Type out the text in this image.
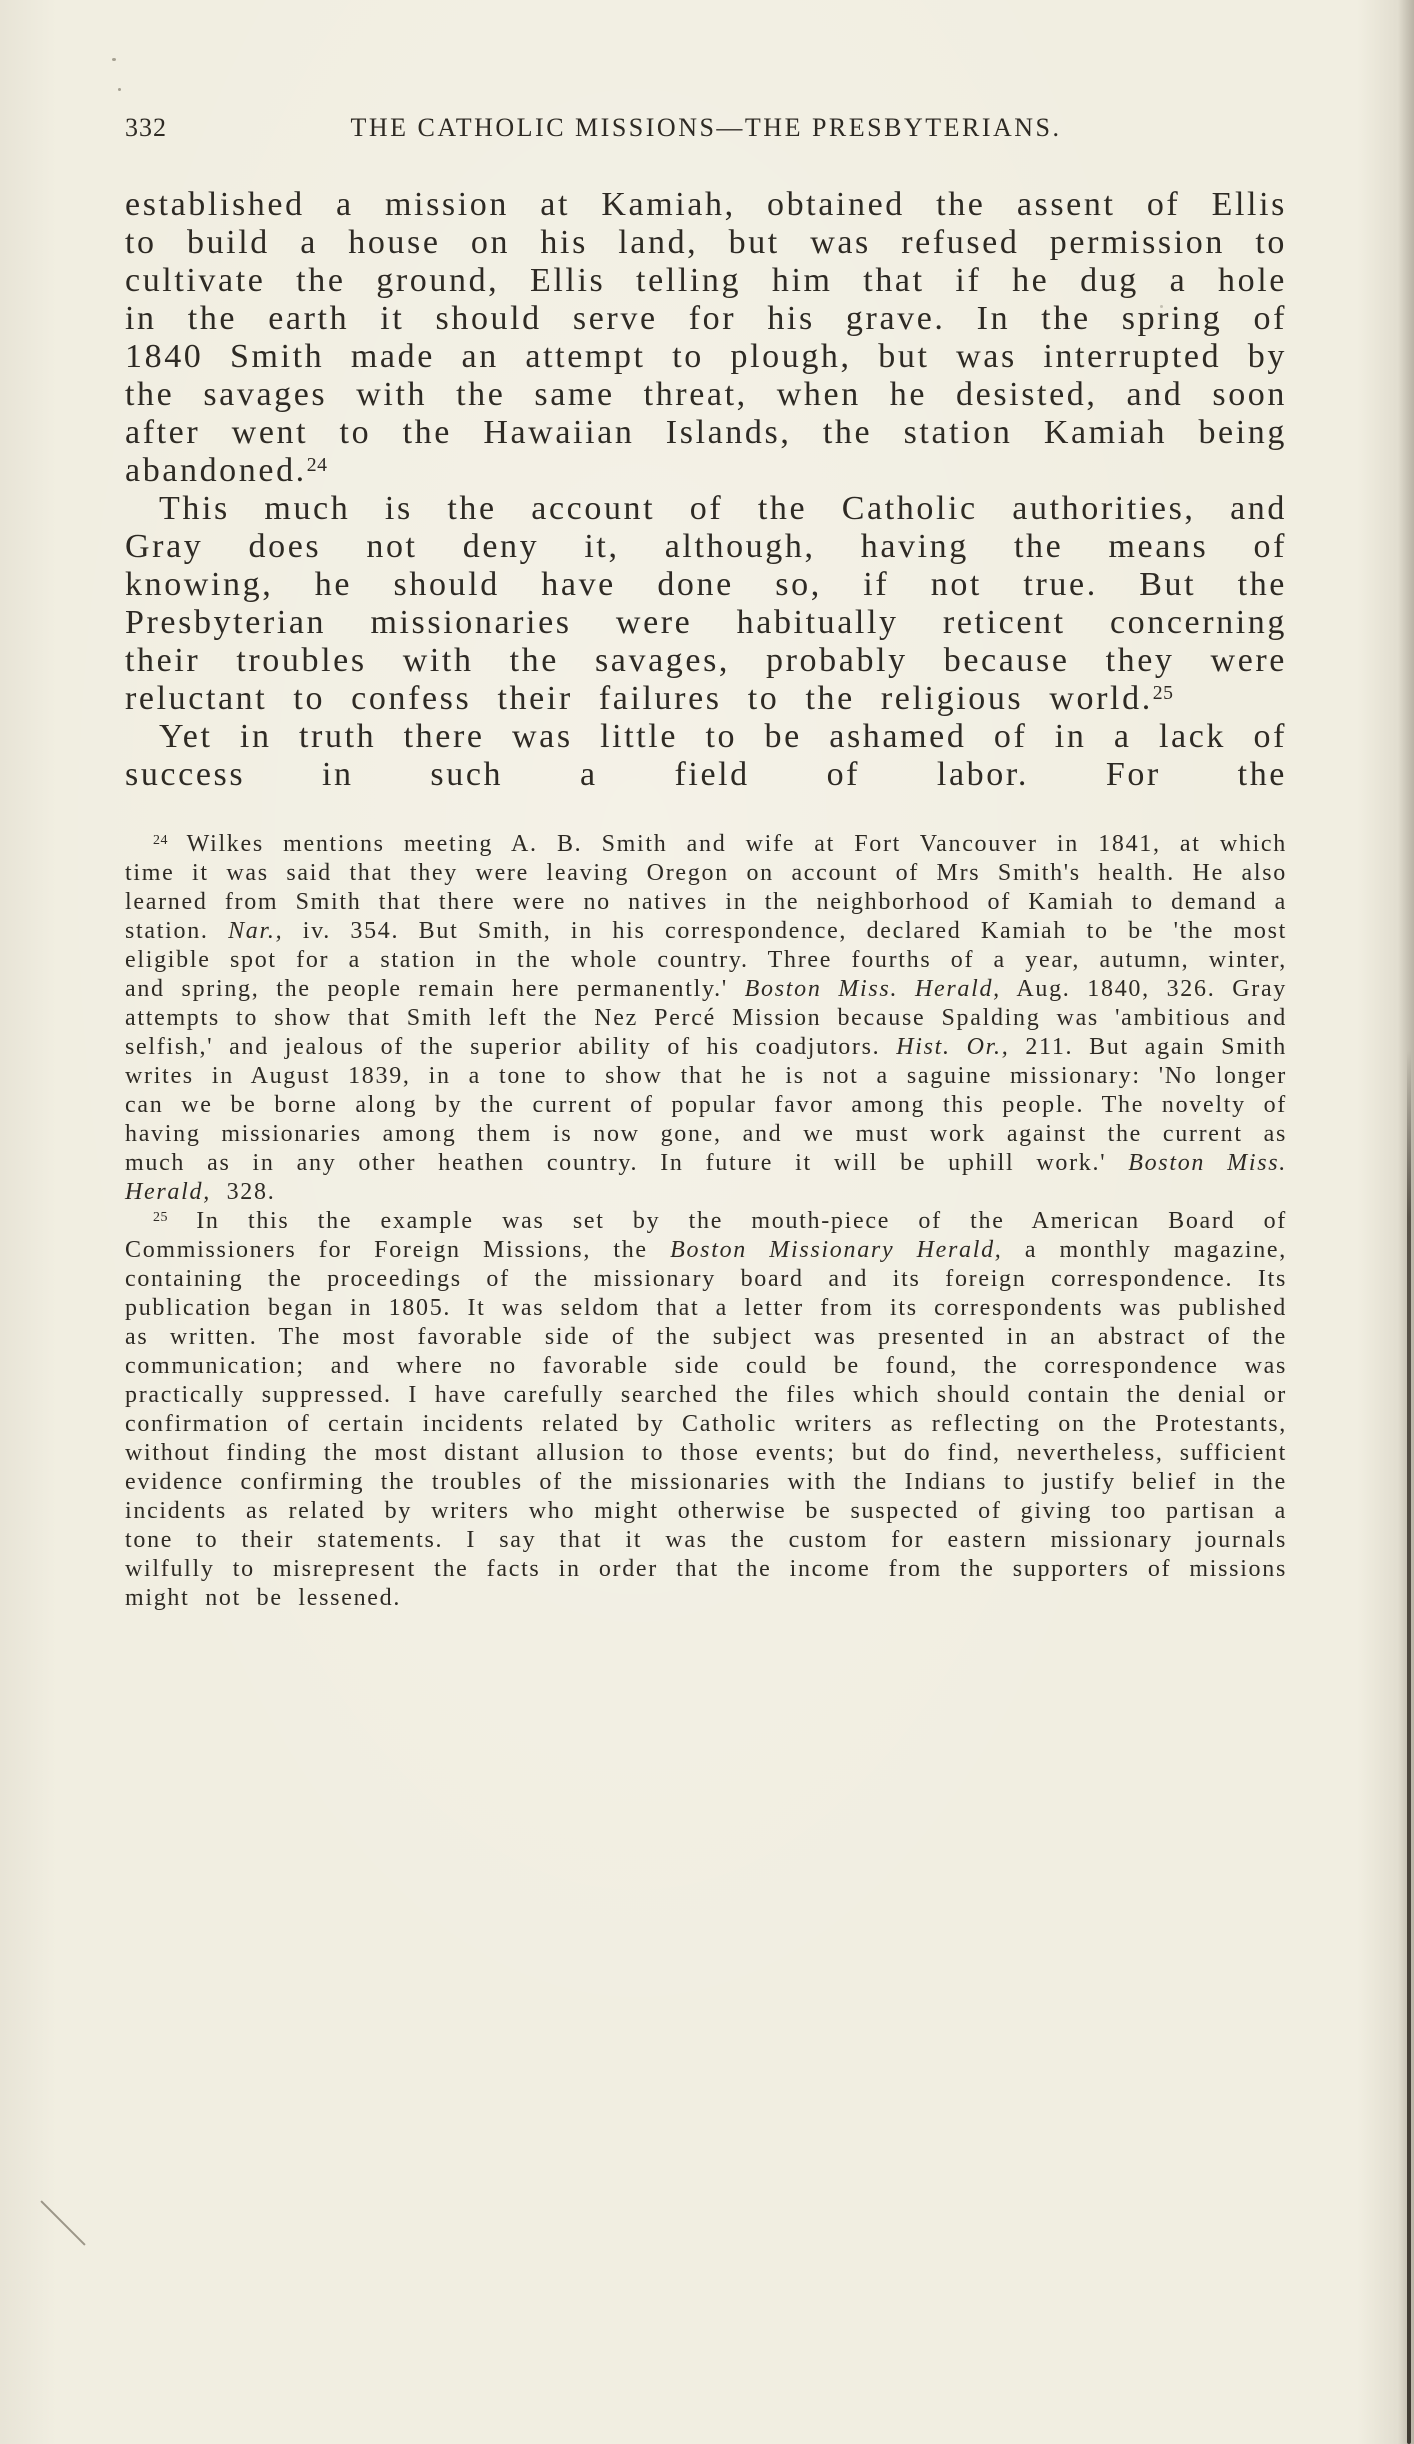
332	THE CATHOLIC MISSIONS—THE PRESBYTERIANS.

established a mission at Kamiah, obtained the assent of Ellis to build a house on his land, but was refused permission to cultivate the ground, Ellis telling him that if he dug a hole in the earth it should serve for his grave. In the spring of 1840 Smith made an attempt to plough, but was interrupted by the savages with the same threat, when he desisted, and soon after went to the Hawaiian Islands, the station Kamiah being abandoned.$^{24}$

This much is the account of the Catholic authorities, and Gray does not deny it, although, having the means of knowing, he should have done so, if not true. But the Presbyterian missionaries were habitually reticent concerning their troubles with the savages, probably because they were reluctant to confess their failures to the religious world.$^{25}$

Yet in truth there was little to be ashamed of in a lack of success in such a field of labor. For the

$^{24}$ Wilkes mentions meeting A. B. Smith and wife at Fort Vancouver in 1841, at which time it was said that they were leaving Oregon on account of Mrs Smith's health. He also learned from Smith that there were no natives in the neighborhood of Kamiah to demand a station. Nar., iv. 354. But Smith, in his correspondence, declared Kamiah to be 'the most eligible spot for a station in the whole country. Three fourths of a year, autumn, winter, and spring, the people remain here permanently.' Boston Miss. Herald, Aug. 1840, 326. Gray attempts to show that Smith left the Nez Percé Mission because Spalding was 'ambitious and selfish,' and jealous of the superior ability of his coadjutors. Hist. Or., 211. But again Smith writes in August 1839, in a tone to show that he is not a saguine missionary: 'No longer can we be borne along by the current of popular favor among this people. The novelty of having missionaries among them is now gone, and we must work against the current as much as in any other heathen country. In future it will be uphill work.' Boston Miss. Herald, 328.

$^{25}$ In this the example was set by the mouth-piece of the American Board of Commissioners for Foreign Missions, the Boston Missionary Herald, a monthly magazine, containing the proceedings of the missionary board and its foreign correspondence. Its publication began in 1805. It was seldom that a letter from its correspondents was published as written. The most favorable side of the subject was presented in an abstract of the communication; and where no favorable side could be found, the correspondence was practically suppressed. I have carefully searched the files which should contain the denial or confirmation of certain incidents related by Catholic writers as reflecting on the Protestants, without finding the most distant allusion to those events; but do find, nevertheless, sufficient evidence confirming the troubles of the missionaries with the Indians to justify belief in the incidents as related by writers who might otherwise be suspected of giving too partisan a tone to their statements. I say that it was the custom for eastern missionary journals wilfully to misrepresent the facts in order that the income from the supporters of missions might not be lessened.
